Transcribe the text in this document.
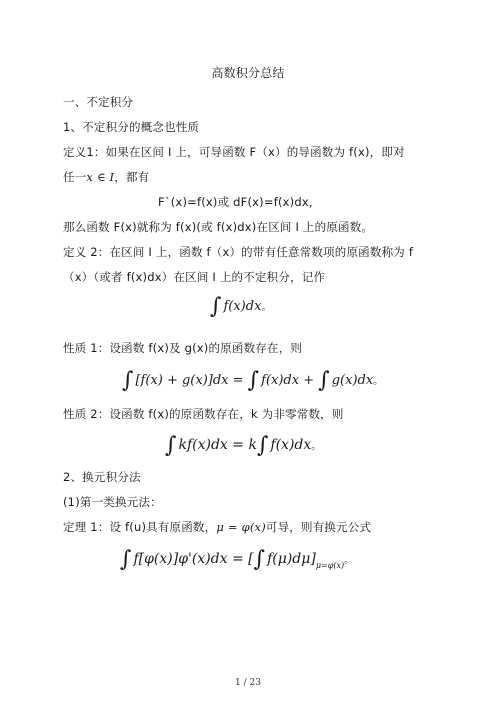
高数积分总结
一、不定积分
1、不定积分的概念也性质
定义1：如果在区间 I 上，可导函数 F（x）的导函数为 f(x)，即对
任一x ∈ I，都有
F`(x)=f(x)或 dF(x)=f(x)dx,
那么函数 F(x)就称为 f(x)(或 f(x)dx)在区间 I 上的原函数。
定义 2：在区间 I 上，函数 f（x）的带有任意常数项的原函数称为 f
（x）（或者 f(x)dx）在区间 I 上的不定积分，记作
∫ f(x)dx。
性质 1：设函数 f(x)及 g(x)的原函数存在，则
∫ [f(x) + g(x)]dx = ∫ f(x)dx + ∫ g(x)dx。
性质 2：设函数 f(x)的原函数存在，k 为非零常数，则
∫ kf(x)dx = k∫ f(x)dx。
2、换元积分法
(1)第一类换元法：
定理 1：设 f(u)具有原函数，μ = φ(x)可导，则有换元公式
∫ f[φ(x)]φ'(x)dx = [∫ $f(\mu)d\mu]_{\mu=\varphi(x)}$。
1 / 23
